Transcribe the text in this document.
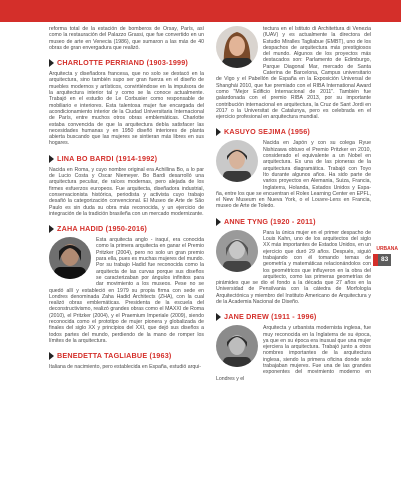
reforma total de la estación de bomberos de Orsay, París, así como la restauración del Palazzo Grassi, que fue convertido en un museo de arte en Venecia (1986), que sumaron a las más de 40 obras de gran envergadura que realizó.

CHARLOTTE PERRIAND (1903-1999)

Arquitecta y diseñadora francesa, que no solo se destacó en la arquitectura, sino también supo ser gran fuerza en el diseño de muebles modernos y artísticos, convirtiéndose en la impulsora de la arquitectura interior tal y como se la conoce actualmente. Trabajó en el estudio de Le Corbusier como responsable de mobiliario e interiores. Esta talentosa mujer fue encargada del acondicionamiento interior de la Ciudad Universitaria Internacional de París, entre muchos otros obras emblemáticas. Charlotte estaba convencida de que la arquitectura debía satisfacer las necesidades humanas y en 1950 diseñó interiores de planta abierta buscando que las mujeres se sintieran más libres en sus hogares.

LINA BO BARDI (1914-1992)

Nacida en Roma, y cuyo nombre original era Achillina Bo, a lo par de Lucio Costa y Oscar Niemeyer. Bo Bardi desarrolló una arquitectura peculiar, de raíces modernas, pero alejada de los firmes esfuerzos europeos. Fue arquitecta, diseñadora industrial, conservacionista histórica, periodista y activista cuyo trabajo desafió la categorización convencional. El Museo de Arte de São Paulo es sin duda su obra más reconocida, y un ejercicio de integración de la tradición brasileña con un mercado modernizante.

ZAHA HADID (1950-2016)

Esta arquitecta anglo - iraquí, era conocida como la primera arquitecta en ganar el Premio Pritzker (2004), pero no solo un gran premio para ella, pues es muchas mujeres del mundo. Por su trabajo Hadid fue reconocida como la arquitecta de las curvas porque sus diseños se caracterizaban por ángulos infinitos para dar movimiento a los museos. Pese no se quedó allí y estableció en 1979 su propia firma con sede en Londres denominada Zaha Hadid Architects (ZHA), con la cual realizó obras emblemáticas. Presidenta de la escuela del deconstructivismo, realizó grandes obras como el MAXXI de Roma (2010), el Pritzker (2004), y el Praemium Imperiale (2009), siendo reconocida como el prototipo de mujer pionera y globalizada de finales del siglo XX y principios del XXI, que dejó sus diseños a todos partes del mundo, perdiendo de la mano de romper los límites de la arquitectura.

BENEDETTA TAGLIABUE (1963)

Italiana de nacimiento, pero establecida en España, estudió arqui-

tectura en el Istituto di Architettura di Venezia (IUAV) y es actualmente la directora del Estudio Miralles Tagliabue (EMBT), uno de los despachos de arquitectura más prestigiosos del mundo. Algunos de los proyectos más destacados son: Parlamento de Edimburgo, Parque Diagonal Mar, mercado de Santa Caterina de Barcelona, Campus universitario de Vigo y el Pabellón de España en la Exposición Universal de Shanghái 2010, que fue premiado con el RIBA International Award como "Mejor Edificio Internacional de 2011". También fue galardonada con el premio RIBA 2013, por su importante contribución internacional en arquitectura, la Cruz de Sant Jordi en 2017 o la Universitat de Catalunya, pero es celebrada en el ejercicio profesional en arquitectura mundial.

KASUYO SEJIMA (1956)

Nacida en Japón y con su colega Ryue Nishizawa obtuvo el Premio Pritzker en 2010, considerado el equivalente a un Nobel en arquitectura. Es una de las pioneras de la arquitectura diagramática. Trabajó con Toyo Ito durante algunos años. Ha sido parte de varios proyectos en Alemania, Suiza, Francia, Inglaterra, Holanda, Estados Unidos y Espa-ña, entre los que se encuentran el Rolex Learning Center en EPFL, el New Museum en Nueva York, o el Louvre-Lens en Francia, museo de Arte de Toledo.

ANNE TYNG (1920 - 2011)

Para la única mujer en el primer despacho de Louis Kahn, uno de los arquitectos del siglo XX más importantes de Estados Unidos, en un ejercicio que duró 29 años. Después, siguió trabajando con él tomando temas de geometría y matemáticas relacionándolos con los geométricos que influyeron en la obra del arquitecto, como las primeras geometrías de pirámides que se dio el fondo a la década que 27 años en la Universidad de Pensilvania con la cátedra de Morfología Arquitectónica y miembro del Instituto Americano de Arquitectura y de la Academia Nacional de Diseño.

JANE DREW (1911 - 1996)

Arquitecta y urbanista modernista inglesa, fue muy reconocida en la Inglaterra de su época, ya que en su época era inusual que una mujer ejerciera la arquitectura. Trabajó junto a otros nombres importantes de la arquitectura inglesa, siendo la primera oficina donde solo trabajaban mujeres. Fue una de las grandes exponentes del movimiento moderno en Londres y el

URBANA
83
